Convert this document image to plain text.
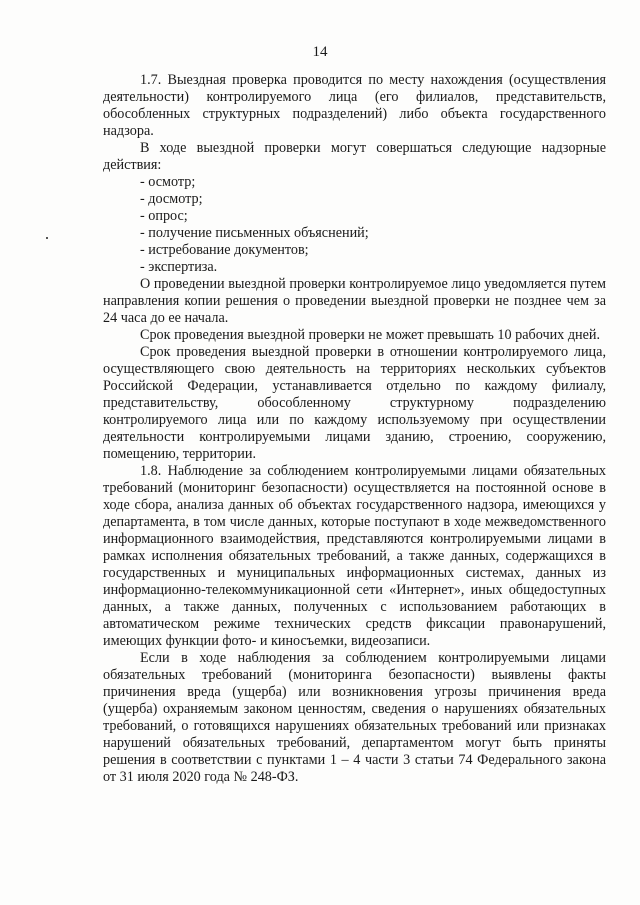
14

1.7. Выездная проверка проводится по месту нахождения (осуществления деятельности) контролируемого лица (его филиалов, представительств, обособленных структурных подразделений) либо объекта государственного надзора.

В ходе выездной проверки могут совершаться следующие надзорные действия:

- осмотр;

- досмотр;

- опрос;

- получение письменных объяснений;

- истребование документов;

- экспертиза.

О проведении выездной проверки контролируемое лицо уведомляется путем направления копии решения о проведении выездной проверки не позднее чем за 24 часа до ее начала.

Срок проведения выездной проверки не может превышать 10 рабочих дней.

Срок проведения выездной проверки в отношении контролируемого лица, осуществляющего свою деятельность на территориях нескольких субъектов Российской Федерации, устанавливается отдельно по каждому филиалу, представительству, обособленному структурному подразделению контролируемого лица или по каждому используемому при осуществлении деятельности контролируемыми лицами зданию, строению, сооружению, помещению, территории.

1.8. Наблюдение за соблюдением контролируемыми лицами обязательных требований (мониторинг безопасности) осуществляется на постоянной основе в ходе сбора, анализа данных об объектах государственного надзора, имеющихся у департамента, в том числе данных, которые поступают в ходе межведомственного информационного взаимодействия, представляются контролируемыми лицами в рамках исполнения обязательных требований, а также данных, содержащихся в государственных и муниципальных информационных системах, данных из информационно-телекоммуникационной сети «Интернет», иных общедоступных данных, а также данных, полученных с использованием работающих в автоматическом режиме технических средств фиксации правонарушений, имеющих функции фото- и киносъемки, видеозаписи.

Если в ходе наблюдения за соблюдением контролируемыми лицами обязательных требований (мониторинга безопасности) выявлены факты причинения вреда (ущерба) или возникновения угрозы причинения вреда (ущерба) охраняемым законом ценностям, сведения о нарушениях обязательных требований, о готовящихся нарушениях обязательных требований или признаках нарушений обязательных требований, департаментом могут быть приняты решения в соответствии с пунктами 1 – 4 части 3 статьи 74 Федерального закона от 31 июля 2020 года № 248-ФЗ.
